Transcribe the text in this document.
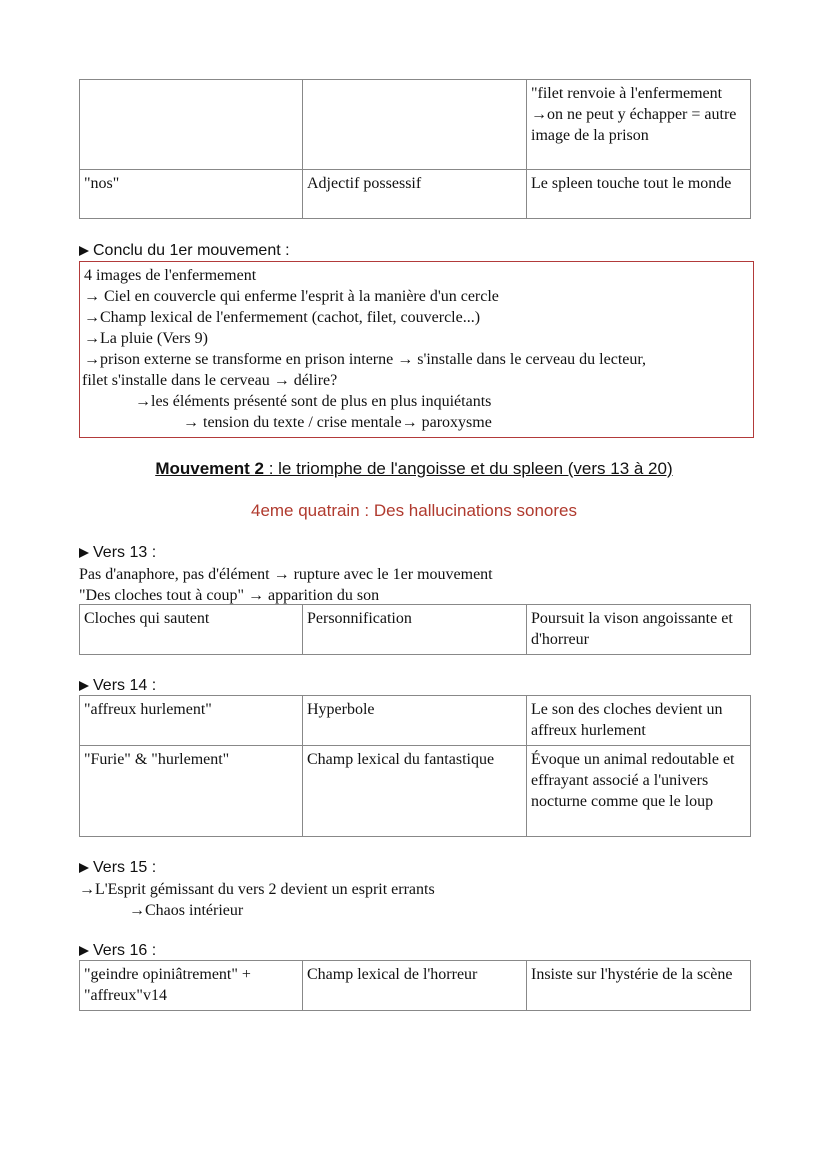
		"filet renvoie à l'enfermement →on ne peut y échapper = autre image de la prison
"nos"	Adjectif possessif	Le spleen touche tout le monde
Conclu du 1er mouvement :
4 images de l'enfermement
→ Ciel en couvercle qui enferme l'esprit à la manière d'un cercle
→Champ lexical de l'enfermement (cachot, filet, couvercle...)
→La pluie (Vers 9)
→prison externe se transforme en prison interne → s'installe dans le cerveau du lecteur,
filet s'installe dans le cerveau → délire?
→les éléments présenté sont de plus en plus inquiétants
→ tension du texte / crise mentale→ paroxysme
Mouvement 2 : le triomphe de l'angoisse et du spleen (vers 13 à 20)
4eme quatrain : Des hallucinations sonores
Vers 13 :
Pas d'anaphore, pas d'élément → rupture avec le 1er mouvement
"Des cloches tout à coup" → apparition du son
Cloches qui sautent	Personnification	Poursuit la vison angoissante et d'horreur
Vers 14 :
"affreux hurlement"	Hyperbole	Le son des cloches devient un affreux hurlement
"Furie" & "hurlement"	Champ lexical du fantastique	Évoque un animal redoutable et effrayant associé a l'univers nocturne comme que le loup
Vers 15 :
→L'Esprit gémissant du vers 2 devient un esprit errants
→Chaos intérieur
Vers 16 :
"geindre opiniâtrement" + "affreux"v14	Champ lexical de l'horreur	Insiste sur l'hystérie de la scène
